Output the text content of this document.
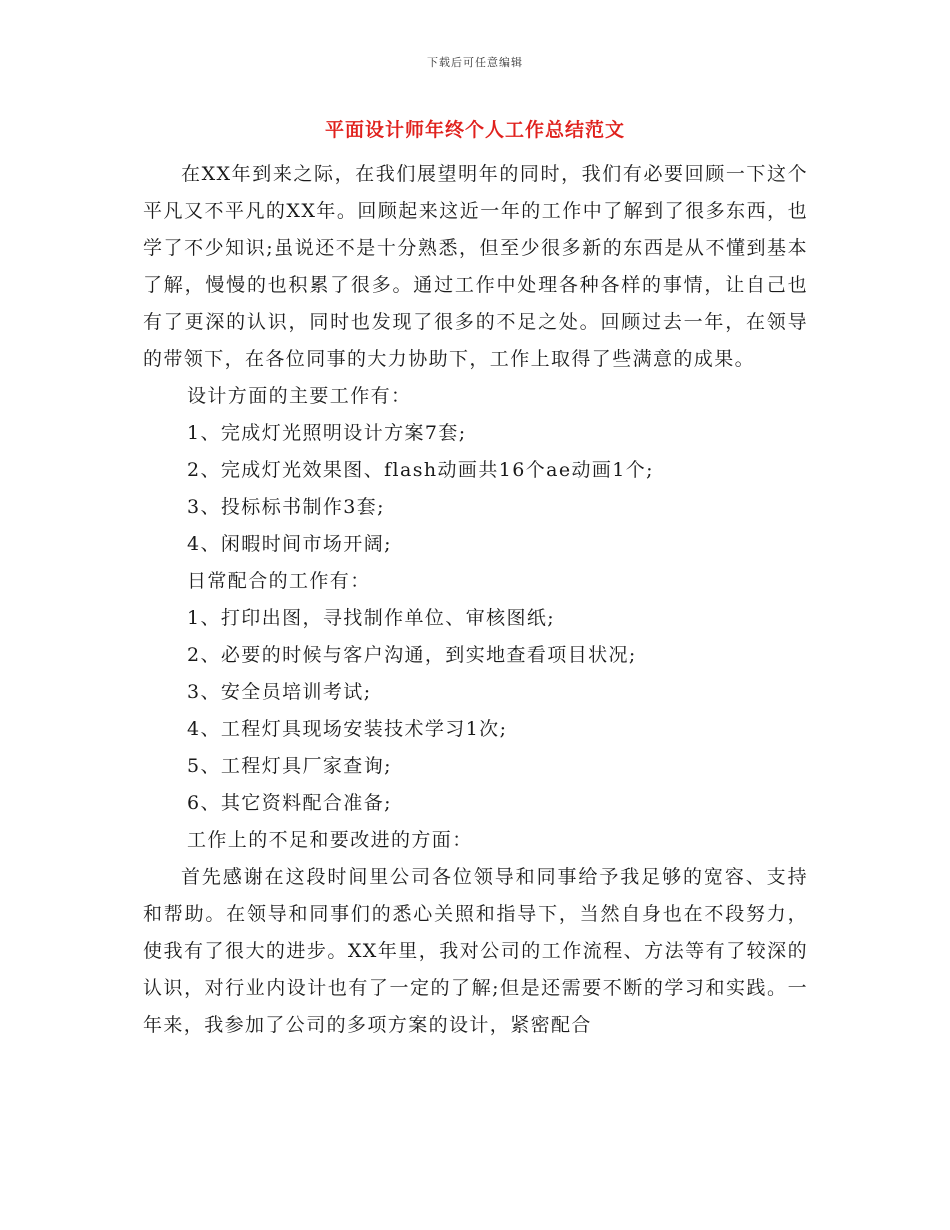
下载后可任意编辑
平面设计师年终个人工作总结范文

在XX年到来之际，在我们展望明年的同时，我们有必要回顾一下这个平凡又不平凡的XX年。回顾起来这近一年的工作中了解到了很多东西，也学了不少知识;虽说还不是十分熟悉，但至少很多新的东西是从不懂到基本了解，慢慢的也积累了很多。通过工作中处理各种各样的事情，让自己也有了更深的认识，同时也发现了很多的不足之处。回顾过去一年，在领导的带领下，在各位同事的大力协助下，工作上取得了些满意的成果。

设计方面的主要工作有：

1、完成灯光照明设计方案7套;

2、完成灯光效果图、flash动画共16个ae动画1个;

3、投标标书制作3套;

4、闲暇时间市场开阔;

日常配合的工作有：

1、打印出图，寻找制作单位、审核图纸;

2、必要的时候与客户沟通，到实地查看项目状况;

3、安全员培训考试;

4、工程灯具现场安装技术学习1次;

5、工程灯具厂家查询;

6、其它资料配合准备;

工作上的不足和要改进的方面：

首先感谢在这段时间里公司各位领导和同事给予我足够的宽容、支持和帮助。在领导和同事们的悉心关照和指导下，当然自身也在不段努力，使我有了很大的进步。XX年里，我对公司的工作流程、方法等有了较深的认识，对行业内设计也有了一定的了解;但是还需要不断的学习和实践。一年来，我参加了公司的多项方案的设计，紧密配合
